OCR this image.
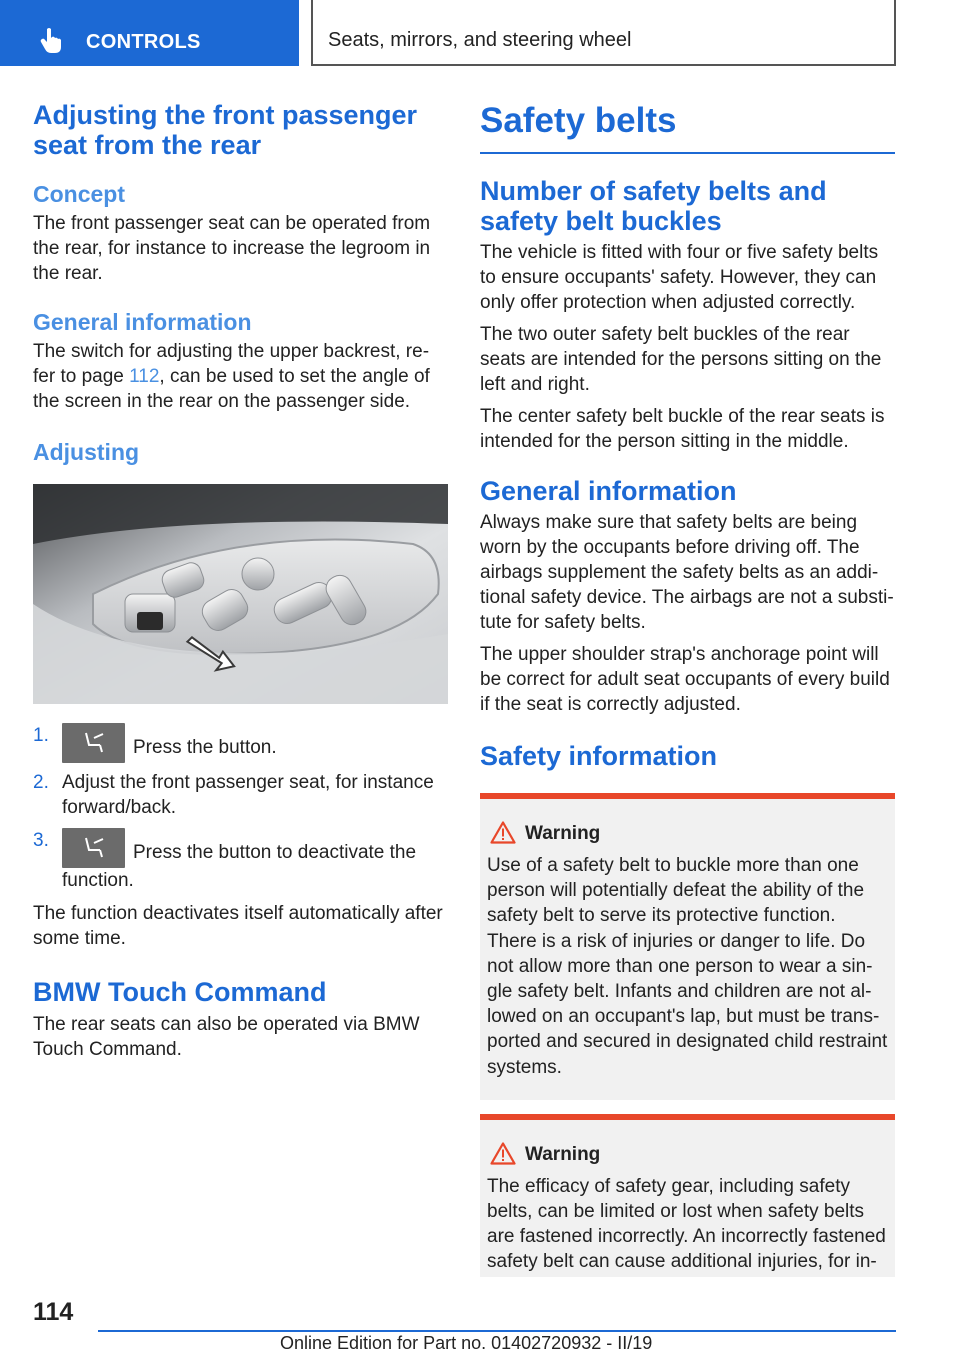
CONTROLS	Seats, mirrors, and steering wheel
Adjusting the front passenger seat from the rear
Concept

The front passenger seat can be operated from the rear, for instance to increase the legroom in the rear.

General information

The switch for adjusting the upper backrest, re- fer to page 112, can be used to set the angle of the screen in the rear on the passenger side.

Adjusting
1.
Press the button.
2. Adjust the front passenger seat, for instance forward/back.
3.
Press the button to deactivate the function.

The function deactivates itself automatically after some time.

BMW Touch Command

The rear seats can also be operated via BMW Touch Command.

Safety belts
Number of safety belts and safety belt buckles

The vehicle is fitted with four or five safety belts to ensure occupants' safety. However, they can only offer protection when adjusted correctly.

The two outer safety belt buckles of the rear seats are intended for the persons sitting on the left and right.

The center safety belt buckle of the rear seats is intended for the person sitting in the middle.

General information

Always make sure that safety belts are being worn by the occupants before driving off. The airbags supplement the safety belts as an addi- tional safety device. The airbags are not a substi- tute for safety belts.

The upper shoulder strap's anchorage point will be correct for adult seat occupants of every build if the seat is correctly adjusted.

Safety information
Warning

Use of a safety belt to buckle more than one person will potentially defeat the ability of the safety belt to serve its protective function. There is a risk of injuries or danger to life. Do not allow more than one person to wear a sin- gle safety belt. Infants and children are not al- lowed on an occupant's lap, but must be trans- ported and secured in designated child restraint systems.

Warning

The efficacy of safety gear, including safety belts, can be limited or lost when safety belts are fastened incorrectly. An incorrectly fastened safety belt can cause additional injuries, for in-

114
Online Edition for Part no. 01402720932 - II/19
